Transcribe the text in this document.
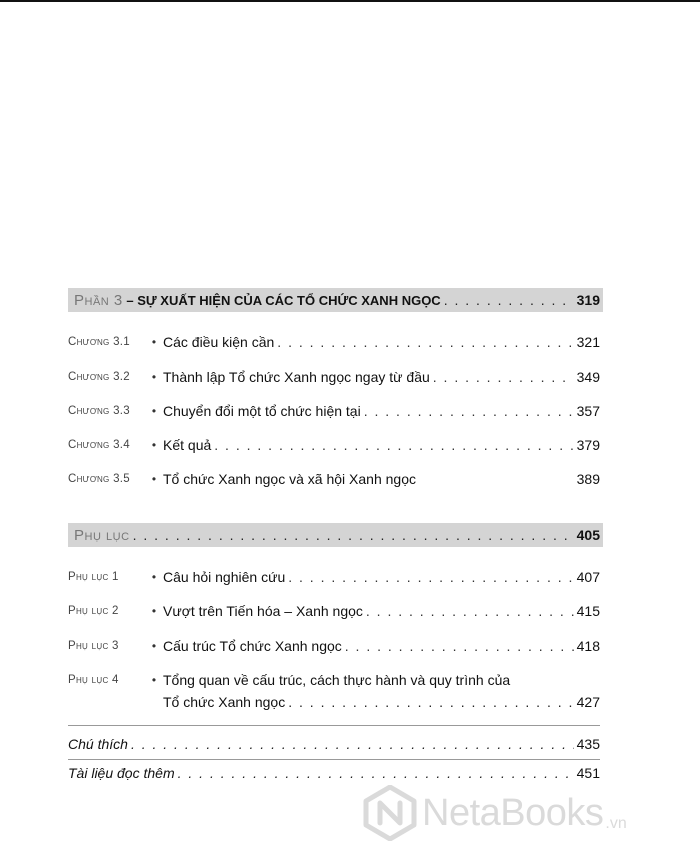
Phần 3 – SỰ XUẤT HIỆN CỦA CÁC TỔ CHỨC XANH NGỌC . . .	319
Chương 3.1	• Các điều kiện cần . . .	321
Chương 3.2	• Thành lập Tổ chức Xanh ngọc ngay từ đầu . . .	349
Chương 3.3	• Chuyển đổi một tổ chức hiện tại . . .	357
Chương 3.4	• Kết quả . . .	379
Chương 3.5	• Tổ chức Xanh ngọc và xã hội Xanh ngọc	389
Phụ lục . . .	405
Phụ lục 1	• Câu hỏi nghiên cứu . . .	407
Phụ lục 2	• Vượt trên Tiến hóa – Xanh ngọc . . .	415
Phụ lục 3	• Cấu trúc Tổ chức Xanh ngọc . . .	418
Phụ lục 4	• Tổng quan về cấu trúc, cách thực hành và quy trình của
Tổ chức Xanh ngọc . . .	427
Chú thích . . .	435
Tài liệu đọc thêm . . .	451
NetaBooks .vn
